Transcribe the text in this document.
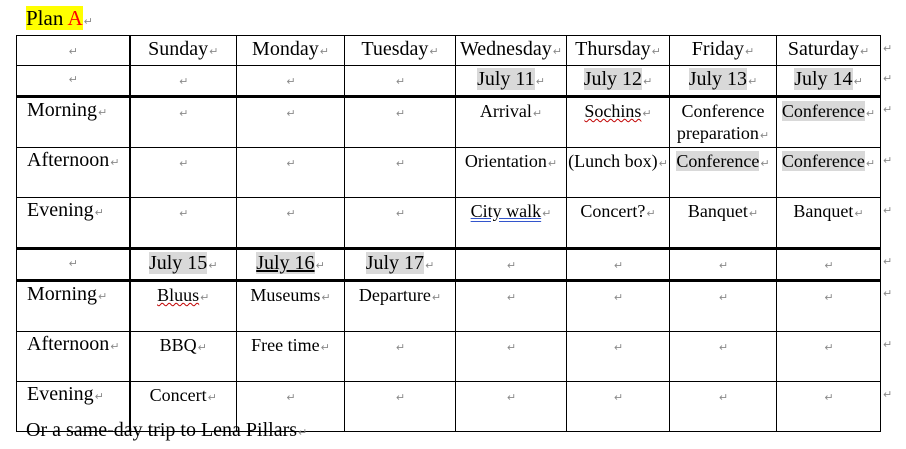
Plan A↵
↵	Sunday↵	Monday↵	Tuesday↵	Wednesday↵	Thursday↵	Friday↵	Saturday↵
↵	↵	↵	↵	July 11↵	July 12↵	July 13↵	July 14↵
Morning↵	↵	↵	↵	Arrival↵	Sochins↵	Conference preparation↵	Conference↵
Afternoon↵	↵	↵	↵	Orientation↵	(Lunch box)↵	Conference↵	Conference↵
Evening↵	↵	↵	↵	City walk↵	Concert?↵	Banquet↵	Banquet↵
↵	July 15↵	July 16↵	July 17↵	↵	↵	↵	↵
Morning↵	Bluus↵	Museums↵	Departure↵	↵	↵	↵	↵
Afternoon↵	BBQ↵	Free time↵	↵	↵	↵	↵	↵
Evening↵	Concert↵	↵	↵	↵	↵	↵	↵
Or a same-day trip to Lena Pillars↵
↵
↵
↵
↵
↵
↵
↵
↵
↵
